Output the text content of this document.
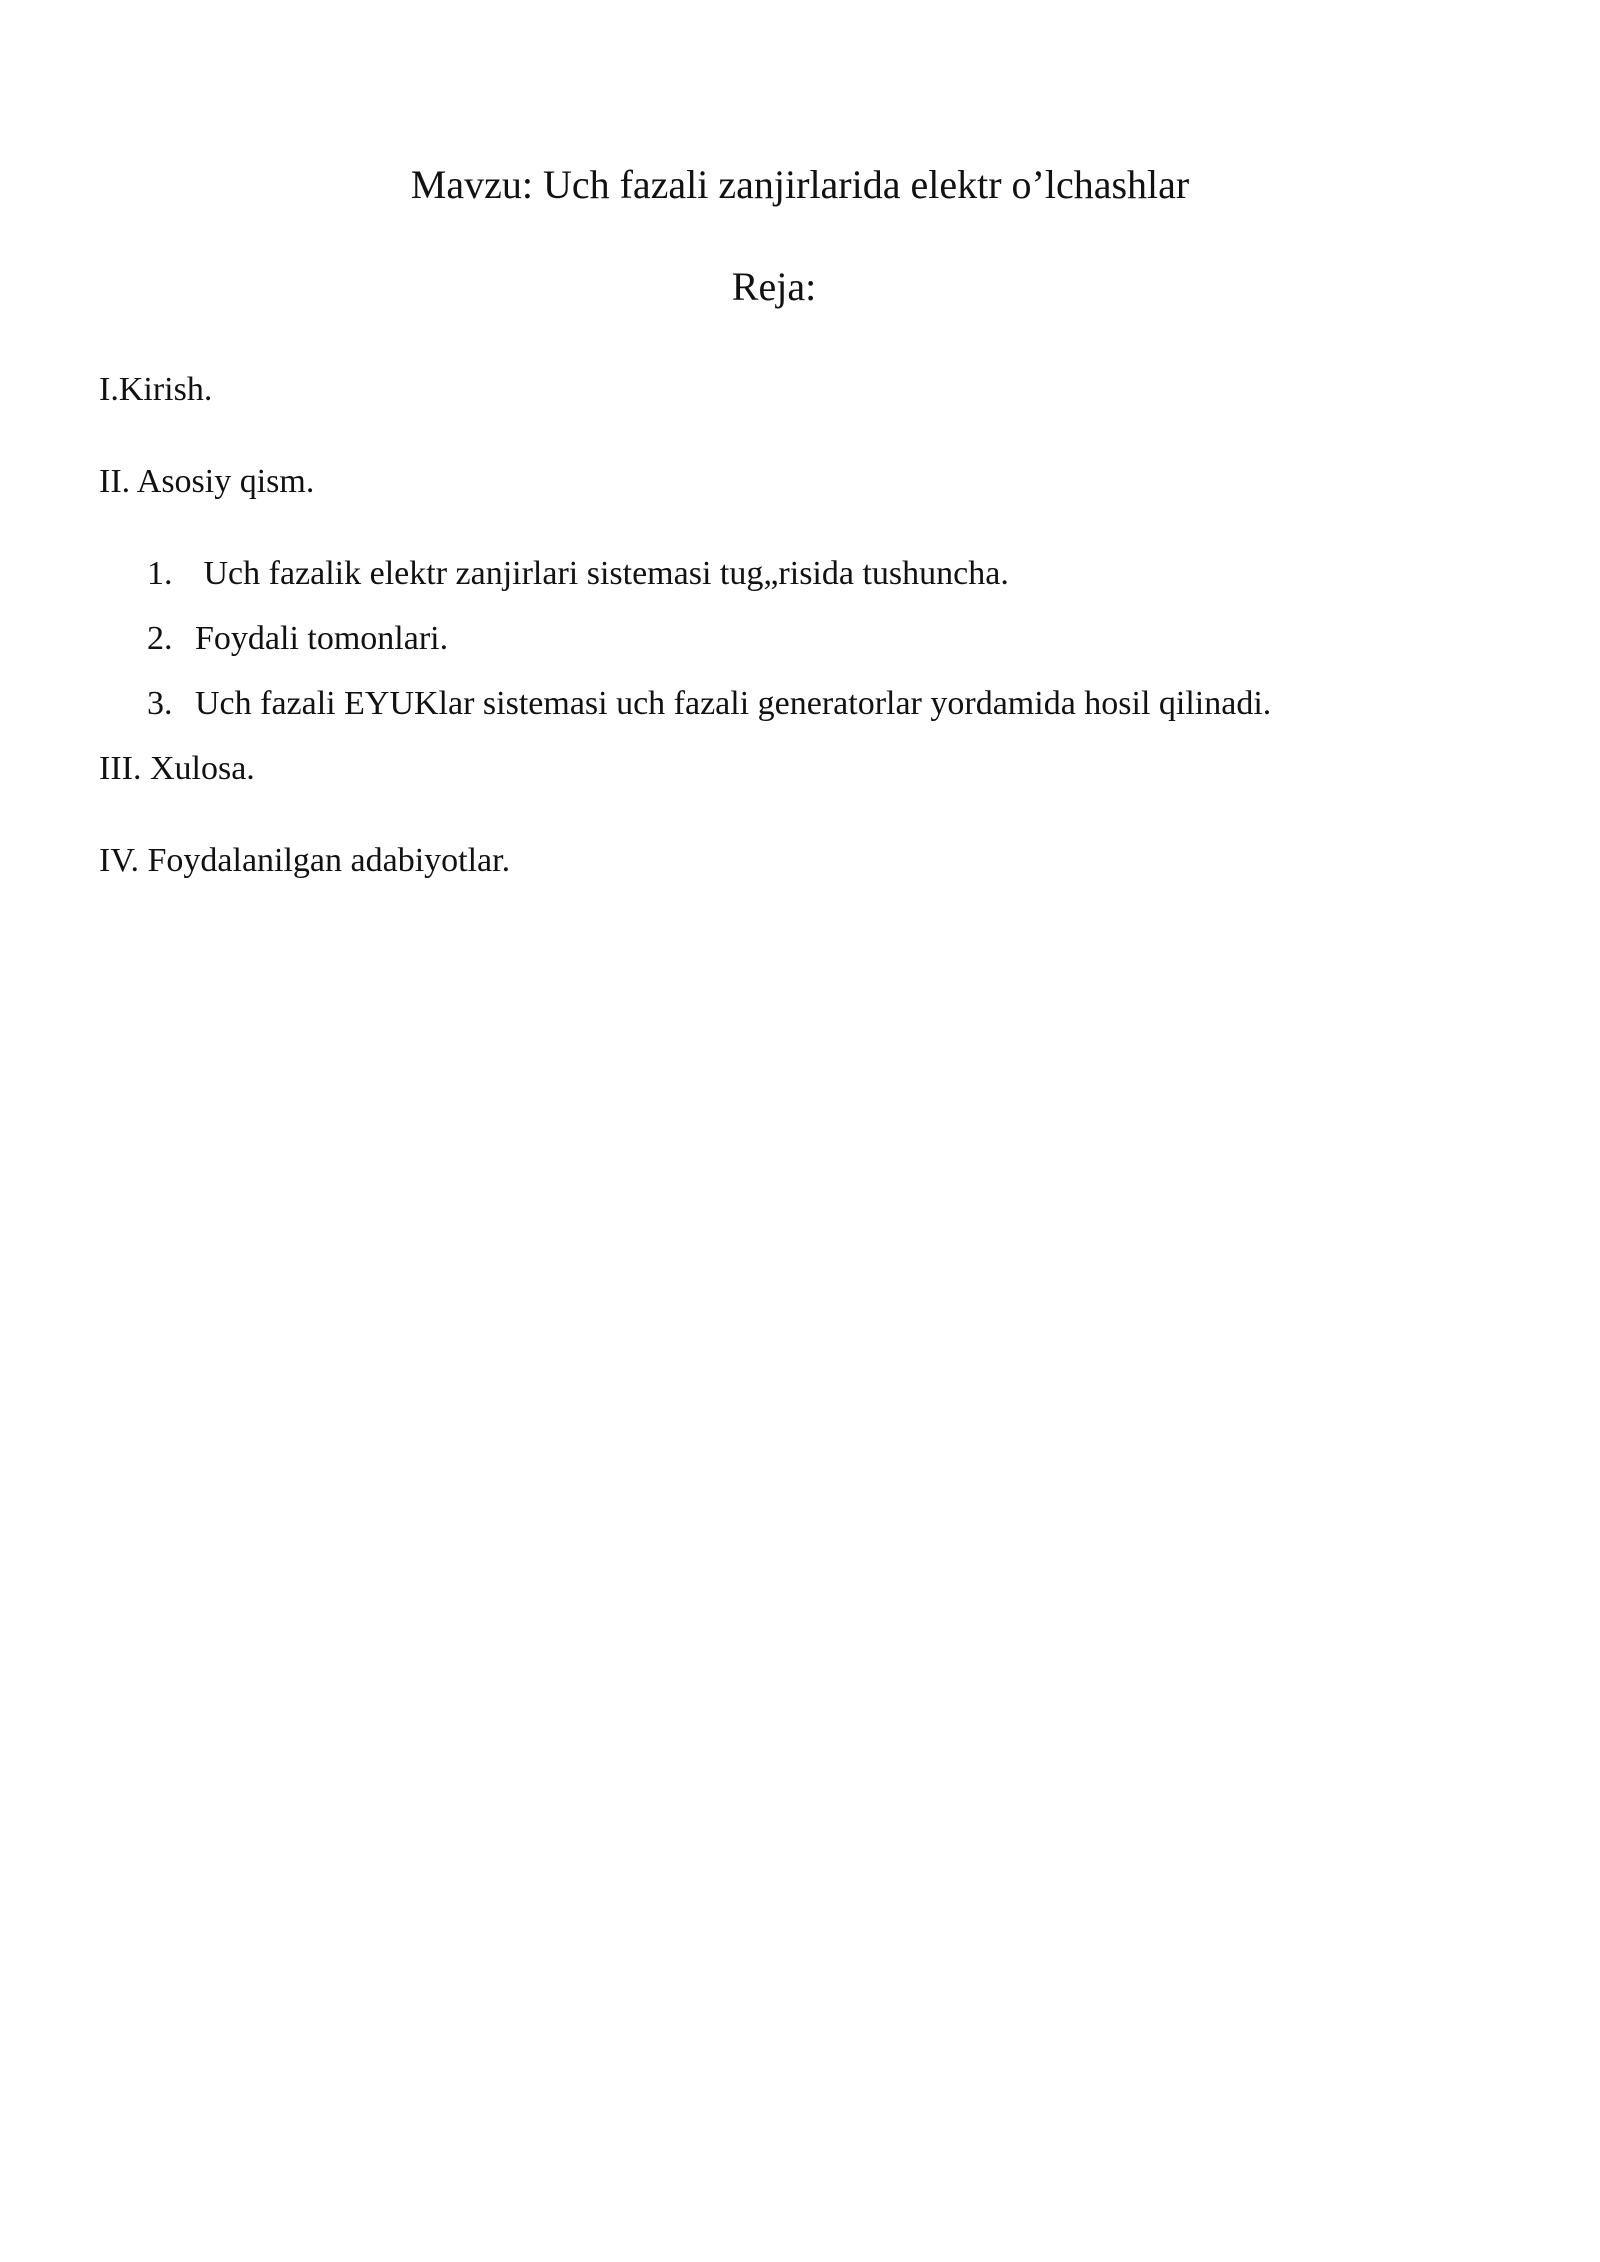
Mavzu: Uch fazali zanjirlarida elektr o’lchashlar
Reja:
I.Kirish.
II. Asosiy qism.
1. Uch fazalik elektr zanjirlari sistemasi tug„risida tushuncha.
2. Foydali tomonlari.
3. Uch fazali EYUKlar sistemasi uch fazali generatorlar yordamida hosil qilinadi.
III. Xulosa.
IV. Foydalanilgan adabiyotlar.
